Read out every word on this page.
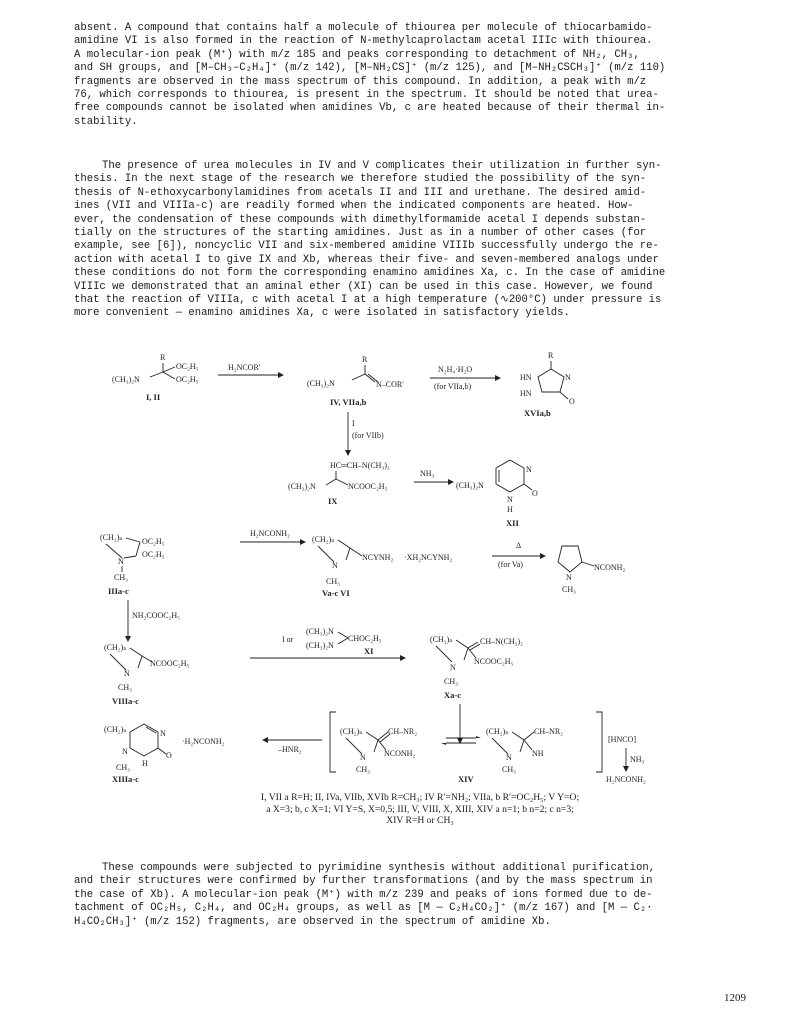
absent. A compound that contains half a molecule of thiourea per molecule of thiocarbamido-
amidine VI is also formed in the reaction of N-methylcaprolactam acetal IIIc with thiourea.
A molecular-ion peak (M⁺) with m/z 185 and peaks corresponding to detachment of NH₂, CH₃,
and SH groups, and [M–CH₃–C₂H₄]⁺ (m/z 142), [M–NH₂CS]⁺ (m/z 125), and [M–NH₂CSCH₃]⁺ (m/z 110)
fragments are observed in the mass spectrum of this compound. In addition, a peak with m/z
76, which corresponds to thiourea, is present in the spectrum. It should be noted that urea-
free compounds cannot be isolated when amidines Vb, c are heated because of their thermal in-
stability.
The presence of urea molecules in IV and V complicates their utilization in further syn-
thesis. In the next stage of the research we therefore studied the possibility of the syn-
thesis of N-ethoxycarbonylamidines from acetals II and III and urethane. The desired amid-
ines (VII and VIIIa-c) are readily formed when the indicated components are heated. How-
ever, the condensation of these compounds with dimethylformamide acetal I depends substan-
tially on the structures of the starting amidines. Just as in a number of other cases (for
example, see [6]), noncyclic VII and six-membered amidine VIIIb successfully undergo the re-
action with acetal I to give IX and Xb, whereas their five- and seven-membered analogs under
these conditions do not form the corresponding enamino amidines Xa, c. In the case of amidine
VIIIc we demonstrated that an aminal ether (XI) can be used in this case. However, we found
that the reaction of VIIIa, c with acetal I at a high temperature (∿200°C) under pressure is
more convenient — enamino amidines Xa, c were isolated in satisfactory yields.
R
OC₂H₅
OC₂H₅
(CH₃)₂N
I, II
H₂NCOR′
R
(CH₃)₂N	N–COR′
IV, VIIa,b
N₂H₄·H₂O
(for VIIa,b)
R
HN
HN
N
O
XVIa,b
I
(for VIIb)
HC═CH–N(CH₃)₂
(CH₃)₂N	NCOOC₂H₅
IX
NH₃	N
N
H
O
(CH₃)₂N
XII
(CH₂)ₙ OC₂H₅
OC₂H₅
N
CH₃
IIIa-c
H₂NCONH₂
(CH₂)ₙ
NCYNH₂
N
CH₃
·XH₂NCYNH₂
Va-c VI
Δ
(for Va)	NCONH₂
N
CH₃
NH₂COOC₂H₅
(CH₂)ₙ
NCOOC₂H₅
N
CH₃
VIIIa-c
I or
(CH₃)₂N
(CH₃)₂N
CHOC₂H₅
XI
(CH₂)ₙ	CH–N(CH₃)₂
NCOOC₂H₅
N
CH₃
Xa-c
(CH₂)ₙ	N
O
H
N
CH₃
·H₂NCONH₂
XIIIa-c
–HNR₂
(CH₂)ₙ	CH–NR₂
NCONH₂
N
CH₃
(CH₂)ₙ	CH–NR₂
NH
N
CH₃
XIV
[HNCO]
NH₃
H₂NCONH₂
I, VII a R=H; II, IVa, VIIb, XVIb R=CH₃; IV R′=NH₂; VIIa, b R′=OC₂H₅; V Y=O;
a X=3; b, c X=1; VI Y=S, X=0,5; III, V, VIII, X, XIII, XIV a n=1; b n=2; c n=3;
XIV R=H or CH₃
These compounds were subjected to pyrimidine synthesis without additional purification,
and their structures were confirmed by further transformations (and by the mass spectrum in
the case of Xb). A molecular-ion peak (M⁺) with m/z 239 and peaks of ions formed due to de-
tachment of OC₂H₅, C₂H₄, and OC₂H₄ groups, as well as [M — C₂H₄CO₂]⁺ (m/z 167) and [M — C₂·
H₄CO₂CH₃]⁺ (m/z 152) fragments, are observed in the spectrum of amidine Xb.
1209
